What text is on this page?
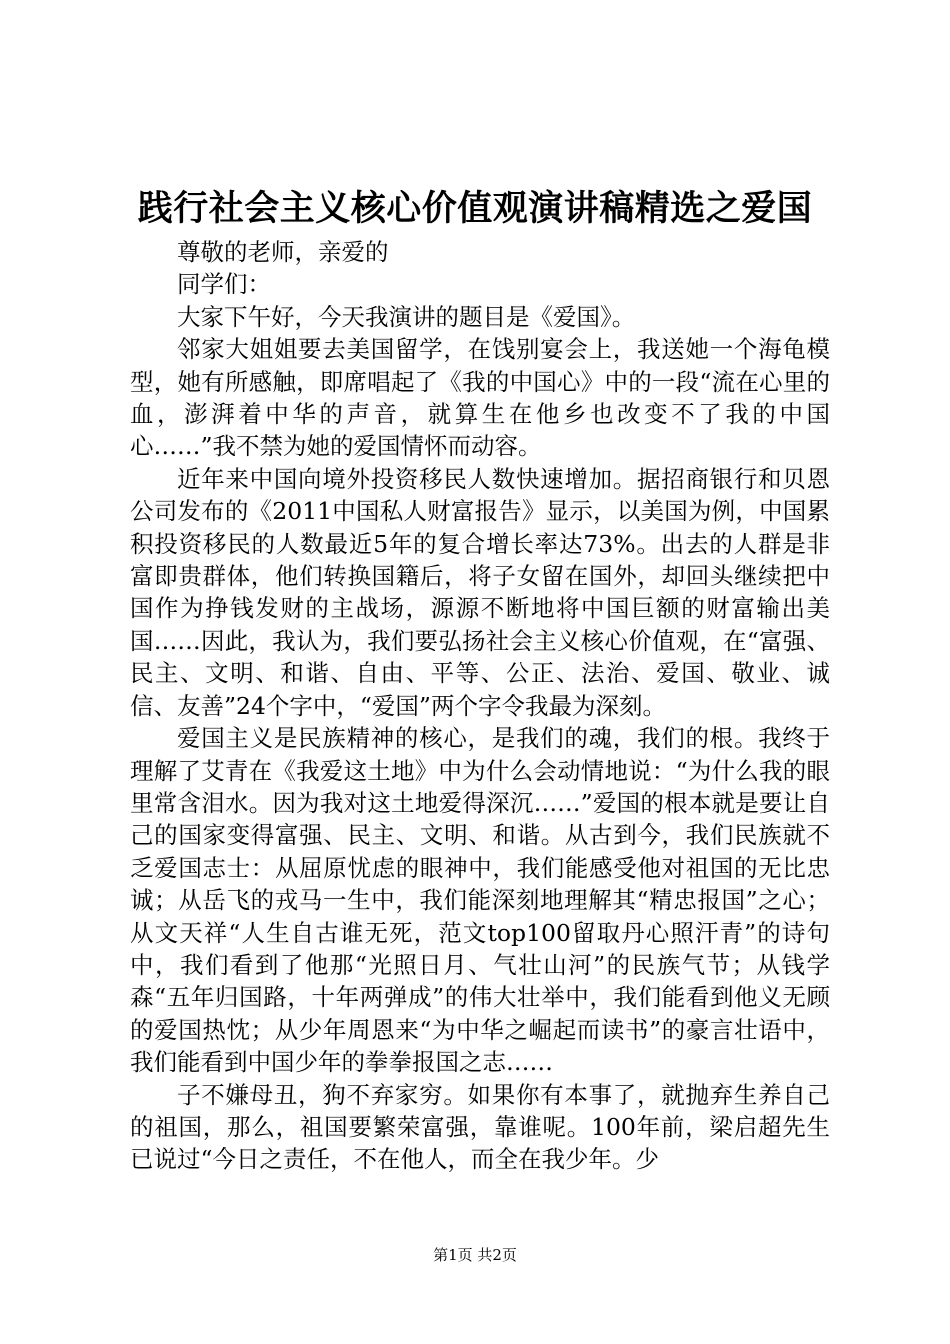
践行社会主义核心价值观演讲稿精选之爱国

尊敬的老师，亲爱的

同学们：

大家下午好，今天我演讲的题目是《爱国》。

邻家大姐姐要去美国留学，在饯别宴会上，我送她一个海龟模型，她有所感触，即席唱起了《我的中国心》中的一段“流在心里的血，澎湃着中华的声音，就算生在他乡也改变不了我的中国心……”我不禁为她的爱国情怀而动容。

近年来中国向境外投资移民人数快速增加。据招商银行和贝恩公司发布的《2011中国私人财富报告》显示，以美国为例，中国累积投资移民的人数最近5年的复合增长率达73%。出去的人群是非富即贵群体，他们转换国籍后，将子女留在国外，却回头继续把中国作为挣钱发财的主战场，源源不断地将中国巨额的财富输出美国……因此，我认为，我们要弘扬社会主义核心价值观，在“富强、民主、文明、和谐、自由、平等、公正、法治、爱国、敬业、诚信、友善”24个字中，“爱国”两个字令我最为深刻。

爱国主义是民族精神的核心，是我们的魂，我们的根。我终于理解了艾青在《我爱这土地》中为什么会动情地说：“为什么我的眼里常含泪水。因为我对这土地爱得深沉……”爱国的根本就是要让自己的国家变得富强、民主、文明、和谐。从古到今，我们民族就不乏爱国志士：从屈原忧虑的眼神中，我们能感受他对祖国的无比忠诚；从岳飞的戎马一生中，我们能深刻地理解其“精忠报国”之心；从文天祥“人生自古谁无死，范文top100留取丹心照汗青”的诗句中，我们看到了他那“光照日月、气壮山河”的民族气节；从钱学森“五年归国路，十年两弹成”的伟大壮举中，我们能看到他义无顾的爱国热忱；从少年周恩来“为中华之崛起而读书”的豪言壮语中，我们能看到中国少年的拳拳报国之志……

子不嫌母丑，狗不弃家穷。如果你有本事了，就抛弃生养自己的祖国，那么，祖国要繁荣富强，靠谁呢。100年前，梁启超先生已说过“今日之责任，不在他人，而全在我少年。少

第1页 共2页
